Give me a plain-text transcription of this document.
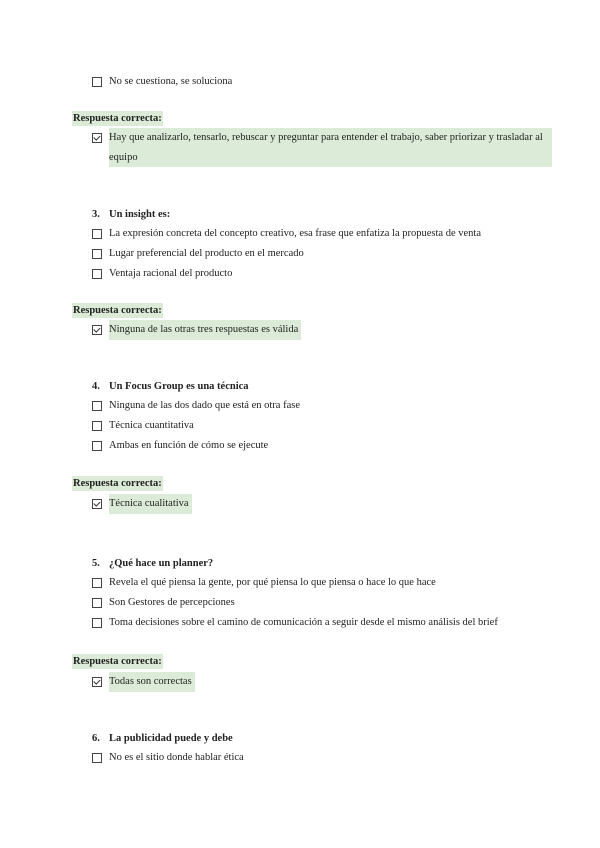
No se cuestiona, se soluciona
Respuesta correcta:
Hay que analizarlo, tensarlo, rebuscar y preguntar para entender el trabajo, saber priorizar y trasladar al equipo
3. Un insight es:
La expresión concreta del concepto creativo, esa frase que enfatiza la propuesta de venta
Lugar preferencial del producto en el mercado
Ventaja racional del producto
Respuesta correcta:
Ninguna de las otras tres respuestas es válida
4. Un Focus Group es una técnica
Ninguna de las dos dado que está en otra fase
Técnica cuantitativa
Ambas en función de cómo se ejecute
Respuesta correcta:
Técnica cualitativa
5. ¿Qué hace un planner?
Revela el qué piensa la gente, por qué piensa lo que piensa o hace lo que hace
Son Gestores de percepciones
Toma decisiones sobre el camino de comunicación a seguir desde el mismo análisis del brief
Respuesta correcta:
Todas son correctas
6. La publicidad puede y debe
No es el sitio donde hablar ética
